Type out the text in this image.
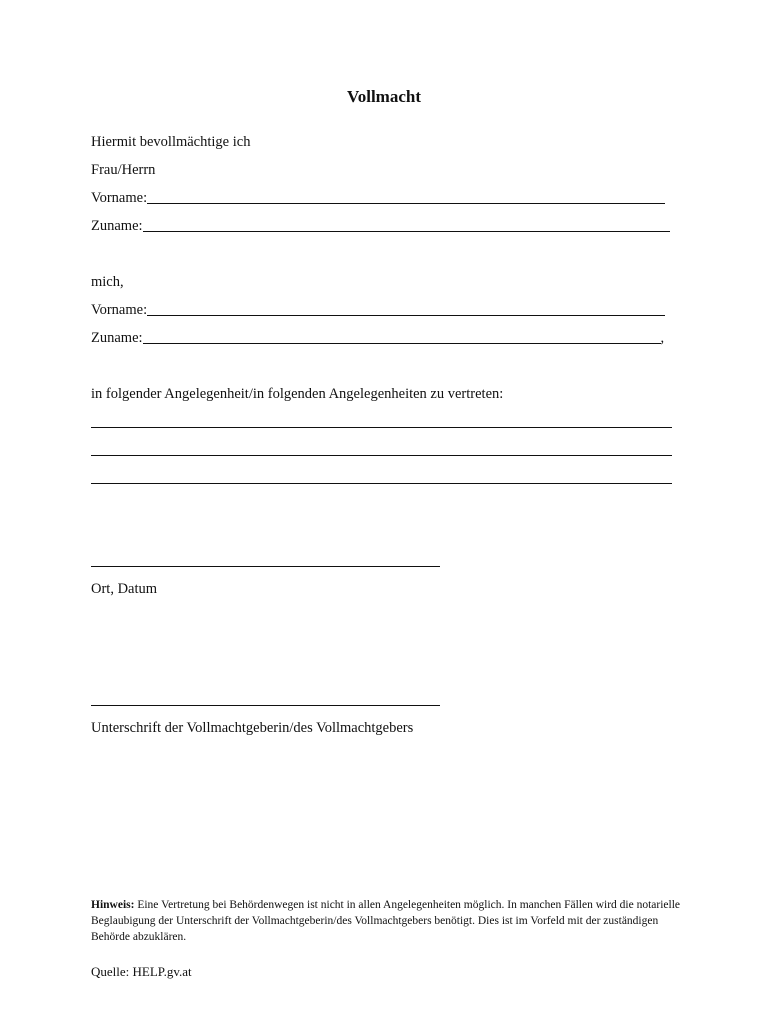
Vollmacht
Hiermit bevollmächtige ich
Frau/Herrn
Vorname:
Zuname:
mich,
Vorname:
Zuname:	,
in folgender Angelegenheit/in folgenden Angelegenheiten zu vertreten:
Ort, Datum
Unterschrift der Vollmachtgeberin/des Vollmachtgebers
Hinweis: Eine Vertretung bei Behördenwegen ist nicht in allen Angelegenheiten möglich. In manchen Fällen wird die notarielle Beglaubigung der Unterschrift der Vollmachtgeberin/des Vollmachtgebers benötigt. Dies ist im Vorfeld mit der zuständigen Behörde abzuklären.
Quelle: HELP.gv.at
